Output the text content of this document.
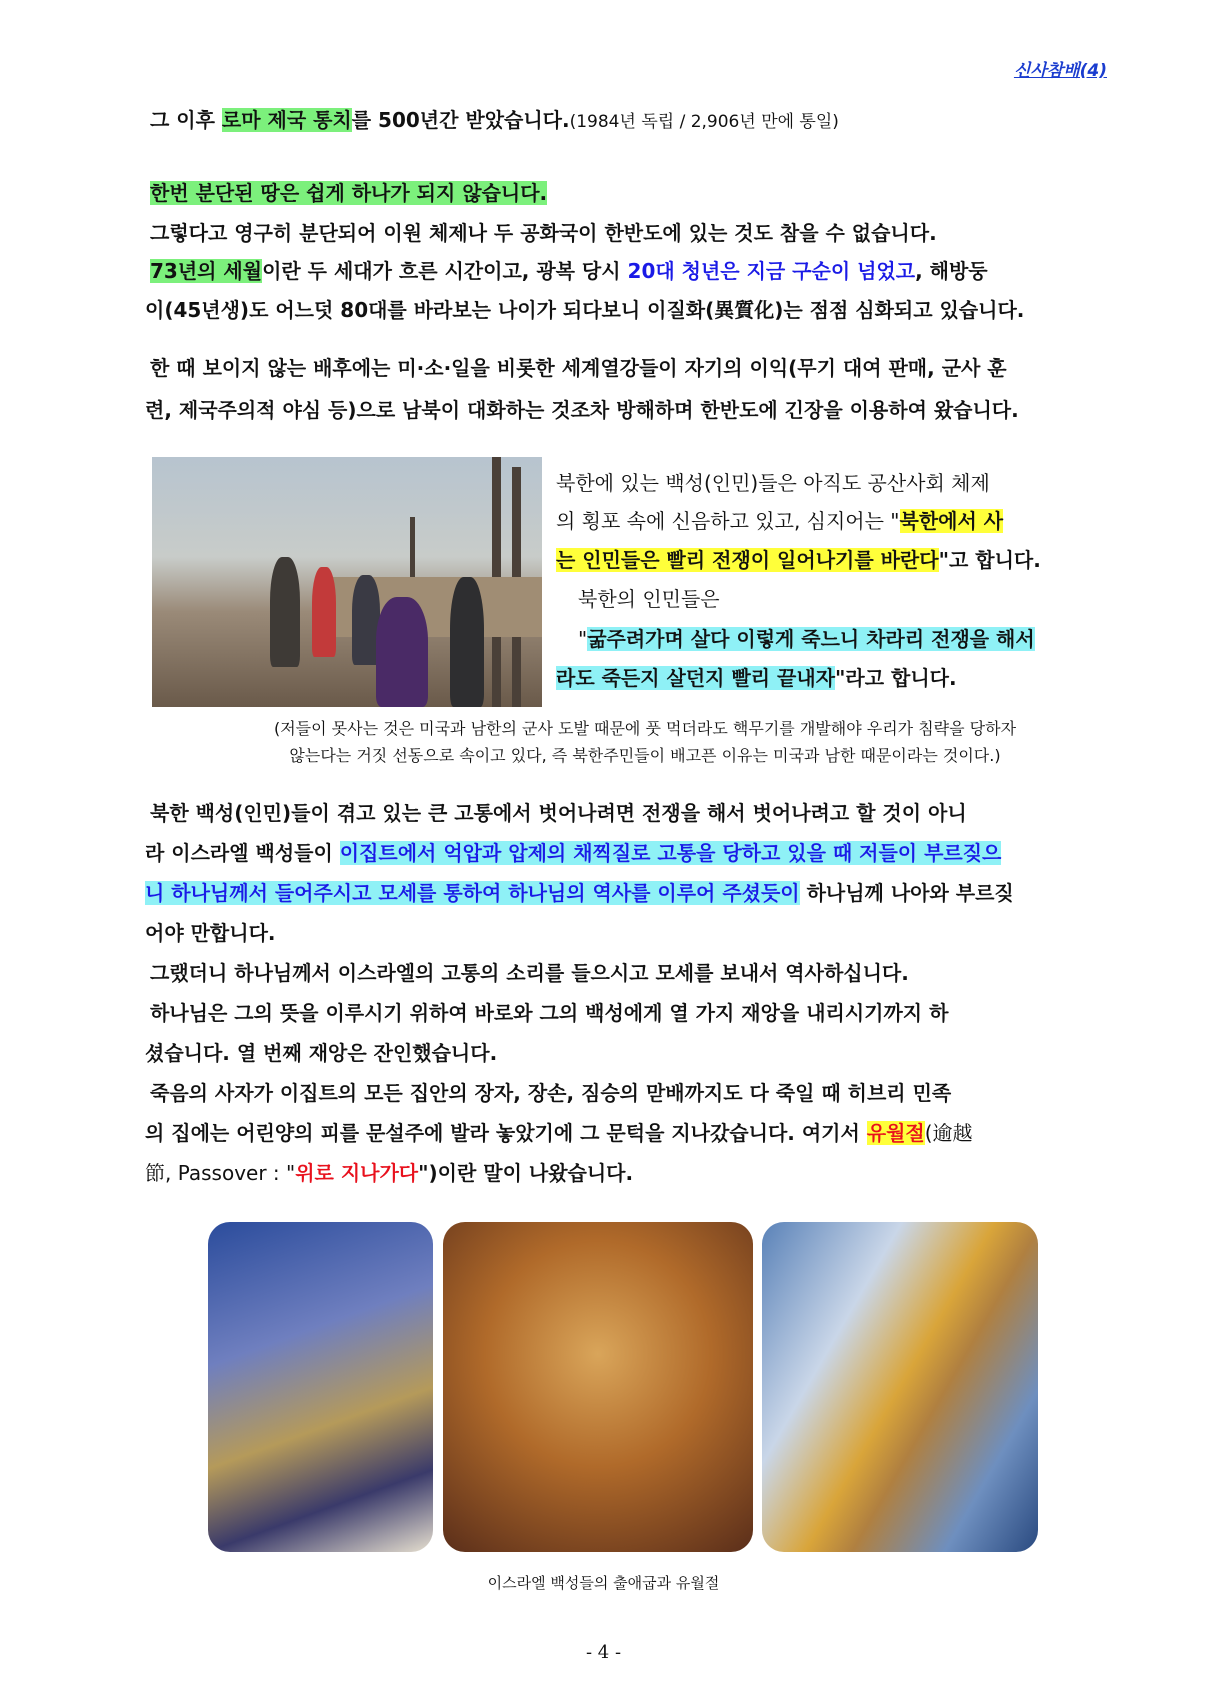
신사참배(4)
그 이후 로마 제국 통치를 500년간 받았습니다.(1984년 독립 / 2,906년 만에 통일)
한번 분단된 땅은 쉽게 하나가 되지 않습니다.
그렇다고 영구히 분단되어 이원 체제나 두 공화국이 한반도에 있는 것도 참을 수 없습니다.
73년의 세월이란 두 세대가 흐른 시간이고, 광복 당시 20대 청년은 지금 구순이 넘었고, 해방둥
이(45년생)도 어느덧 80대를 바라보는 나이가 되다보니 이질화(異質化)는 점점 심화되고 있습니다.
한 때 보이지 않는 배후에는 미·소·일을 비롯한 세계열강들이 자기의 이익(무기 대여 판매, 군사 훈
련, 제국주의적 야심 등)으로 남북이 대화하는 것조차 방해하며 한반도에 긴장을 이용하여 왔습니다.
북한에 있는 백성(인민)들은 아직도 공산사회 체제
의 횡포 속에 신음하고 있고, 심지어는 "북한에서 사
는 인민들은 빨리 전쟁이 일어나기를 바란다"고 합니다.
북한의 인민들은
"굶주려가며 살다 이렇게 죽느니 차라리 전쟁을 해서
라도 죽든지 살던지 빨리 끝내자"라고 합니다.
(저들이 못사는 것은 미국과 남한의 군사 도발 때문에 풋 먹더라도 핵무기를 개발해야 우리가 침략을 당하자
않는다는 거짓 선동으로 속이고 있다, 즉 북한주민들이 배고픈 이유는 미국과 남한 때문이라는 것이다.)
북한 백성(인민)들이 겪고 있는 큰 고통에서 벗어나려면 전쟁을 해서 벗어나려고 할 것이 아니
라 이스라엘 백성들이 이집트에서 억압과 압제의 채찍질로 고통을 당하고 있을 때 저들이 부르짖으
니 하나님께서 들어주시고 모세를 통하여 하나님의 역사를 이루어 주셨듯이 하나님께 나아와 부르짖
어야 만합니다.
그랬더니 하나님께서 이스라엘의 고통의 소리를 들으시고 모세를 보내서 역사하십니다.
하나님은 그의 뜻을 이루시기 위하여 바로와 그의 백성에게 열 가지 재앙을 내리시기까지 하
셨습니다. 열 번째 재앙은 잔인했습니다.
죽음의 사자가 이집트의 모든 집안의 장자, 장손, 짐승의 맏배까지도 다 죽일 때 히브리 민족
의 집에는 어린양의 피를 문설주에 발라 놓았기에 그 문턱을 지나갔습니다. 여기서 유월절(逾越
節, Passover : "위로 지나가다")이란 말이 나왔습니다.
이스라엘 백성들의 출애굽과 유월절
- 4 -
